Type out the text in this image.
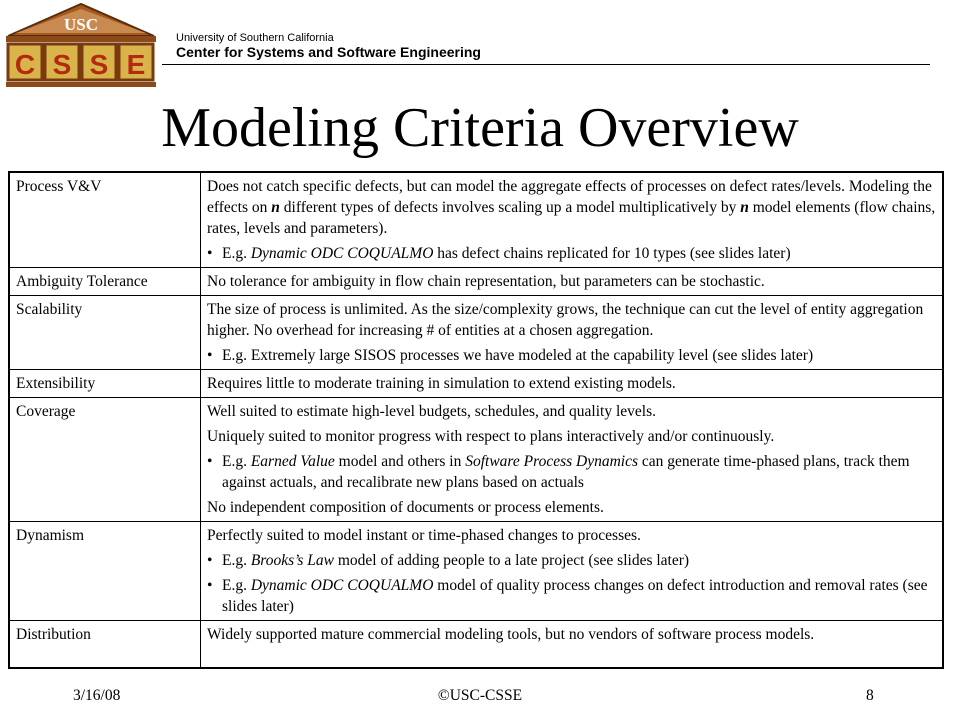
USC
C S S E
University of Southern California
Center for Systems and Software Engineering
Modeling Criteria Overview
Process V&V	Does not catch specific defects, but can model the aggregate effects of processes on defect rates/levels. Modeling the effects on n different types of defects involves scaling up a model multiplicatively by n model elements (flow chains, rates, levels and parameters).
• E.g. Dynamic ODC COQUALMO has defect chains replicated for 10 types (see slides later)

Ambiguity Tolerance	No tolerance for ambiguity in flow chain representation, but parameters can be stochastic.

Scalability	The size of process is unlimited. As the size/complexity grows, the technique can cut the level of entity aggregation higher. No overhead for increasing # of entities at a chosen aggregation.
• E.g. Extremely large SISOS processes we have modeled at the capability level (see slides later)

Extensibility	Requires little to moderate training in simulation to extend existing models.

Coverage	Well suited to estimate high-level budgets, schedules, and quality levels.
Uniquely suited to monitor progress with respect to plans interactively and/or continuously.
• E.g. Earned Value model and others in Software Process Dynamics can generate time-phased plans, track them against actuals, and recalibrate new plans based on actuals
No independent composition of documents or process elements.

Dynamism	Perfectly suited to model instant or time-phased changes to processes.
• E.g. Brooks’s Law model of adding people to a late project (see slides later)
• E.g. Dynamic ODC COQUALMO model of quality process changes on defect introduction and removal rates (see slides later)

Distribution	Widely supported mature commercial modeling tools, but no vendors of software process models.
3/16/08	©USC-CSSE	8
